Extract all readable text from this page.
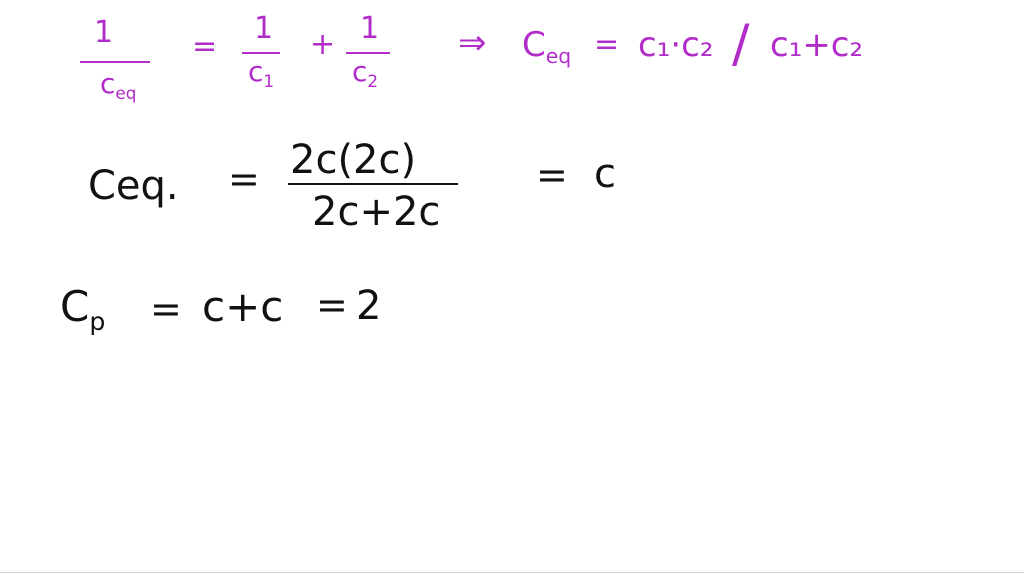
1
$c_{eq}$
=
1
$c_1$
+ 1
$c_2$
⇒ $C_{eq} = c_1\cdot c_2 / c_1+c_2$
Ceq. = 2c(2c)
2c+2c
= c
$C_p = c+c = 2$
